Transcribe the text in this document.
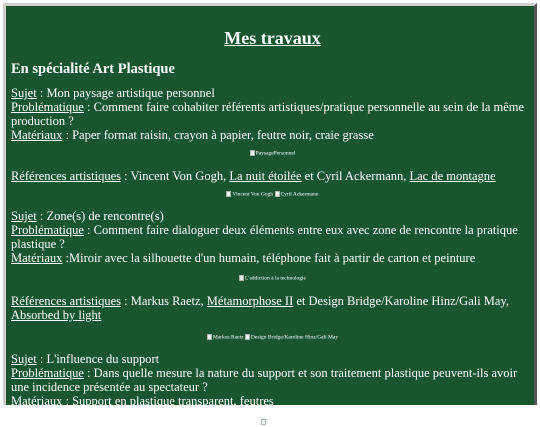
Mes travaux
En spécialité Art Plastique
Sujet : Mon paysage artistique personnel
Problématique : Comment faire cohabiter référents artistiques/pratique personnelle au sein de la même production ?
Matériaux : Paper format raisin, crayon à papier, feutre noir, craie grasse
PaysagePersonnel
Références artistiques : Vincent Von Gogh, La nuit étoilée et Cyril Ackermann, Lac de montagne
Vincent Von Gogh Cyril Ackermann
Sujet : Zone(s) de rencontre(s)
Problématique : Comment faire dialoguer deux éléments entre eux avec zone de rencontre la pratique plastique ?
Matériaux :Miroir avec la silhouette d'un humain, téléphone fait à partir de carton et peinture
L'addiction à la technologie
Références artistiques : Markus Raetz, Métamorphose II et Design Bridge/Karoline Hinz/Gali May, Absorbed by light
Markus Raetz Design Bridge/Karoline Hinz/Gali May
Sujet : L'influence du support
Problématique : Dans quelle mesure la nature du support et son traitement plastique peuvent-ils avoir une incidence présentée au spectateur ?
Matériaux : Support en plastique transparent, feutres
Support
